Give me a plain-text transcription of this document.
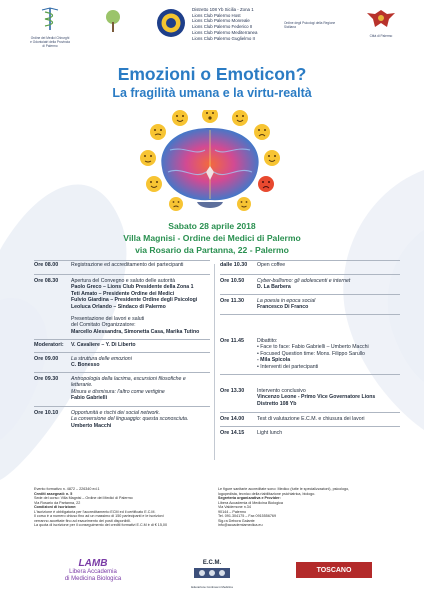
Ordine dei Medici Chirurghi e Odontoiatri della Provincia di Palermo
Distretto 108 Yb Sicilia - Zona 1
Lions Club Palermo Host
Lions Club Palermo Monreale
Lions Club Palermo Federico II
Lions Club Palermo Mediterranea
Lions Club Palermo Guglielmo II
Ordine degli Psicologi della Regione Siciliana
Città di Palermo
Emozioni o Emoticon?
La fragilità umana e la virtu-realtà
Sabato 28 aprile 2018
Villa Magnisi - Ordine dei Medici di Palermo
via Rosario da Partanna, 22 - Palermo
Ore 08.00 Registrazione ed accreditamento dei partecipanti
Ore 08.30 Apertura del Convegno e saluto delle autorità
Paolo Greco – Lions Club Presidente della Zona 1
Teti Amato – Presidente Ordine dei Medici
Fulvio Giardina – Presidente Ordine degli Psicologi
Leoluca Orlando – Sindaco di Palermo
Presentazione dei lavori e saluti
del Comitato Organizzatore:
Marcello Alessandra, Simonetta Casa, Marika Tutino
Moderatori: V. Cavaliere – Y. Di Liberto
Ore 09.00 La struttura delle emozioni
C. Bonesso
Ore 09.30 Antropologia della lacrima, escursioni filosofiche e
letterarie.
Misura e dismisura: l'altro come vertigine
Fabio Gabrielli
Ore 10.10 Opportunità e rischi dei social network.
La conversione del linguaggio: questa sconosciuta.
Umberto Macchi
dalle 10.30 Open coffee
Ore 10.50 Cyber-bullismo: gli adolescenti e internet
D. La Barbera
Ore 11.30	La poesia in epoca social
Francesco Di Franco
Ore 11.45	Dibattito:
• Face to face: Fabio Gabrielli – Umberto Macchi
• Focused Question time: Mons. Filippo Sarullo
- Mila Spicola
• Interventi dei partecipanti
Ore 13.30 Intervento conclusivo
Vincenzo Leone - Primo Vice Governatore Lions
Distretto 108 Yb
Ore 14.00 Test di valutazione E.C.M. e chiusura dei lavori
Ore 14.15 Light lunch
Evento formativo n. 4872 – 226340 ed.1
Crediti assegnati: n. 5
Sede del corso: Villa Magnisi – Ordine dei Medici di Palermo
Via Rosario da Partanna, 22
Condizioni di iscrizione:
L'iscrizione è obbligatoria per l'accreditamento ECM ed il certificato E.C.M.
Il corso è a numero chiuso fino ad un massimo di 150 partecipanti e le iscrizioni
verranno accettate fino ad esaurimento dei posti disponibili.
La quota di iscrizione per il conseguimento dei crediti formativi E.C.M è di € 15,00
Le figure sanitarie accreditate sono: Medico (tutte le specializzazioni), psicologo,
logopedista, tecnico della riabilitazione psichiatrica, biologo.
Segreteria organizzativa e Provider:
Libera Accademia di Medicina Biologica
Via Valdemone n.34
90144 – Palermo
Tel. 091.304175 – Fax 0915556769
Sig.ra Debora Galante
info@accademiamedica.eu
LAMB
Libera Accademia
di Medicina Biologica
E.C.M.
Educazione Continua in Medicina
TOSCANO
